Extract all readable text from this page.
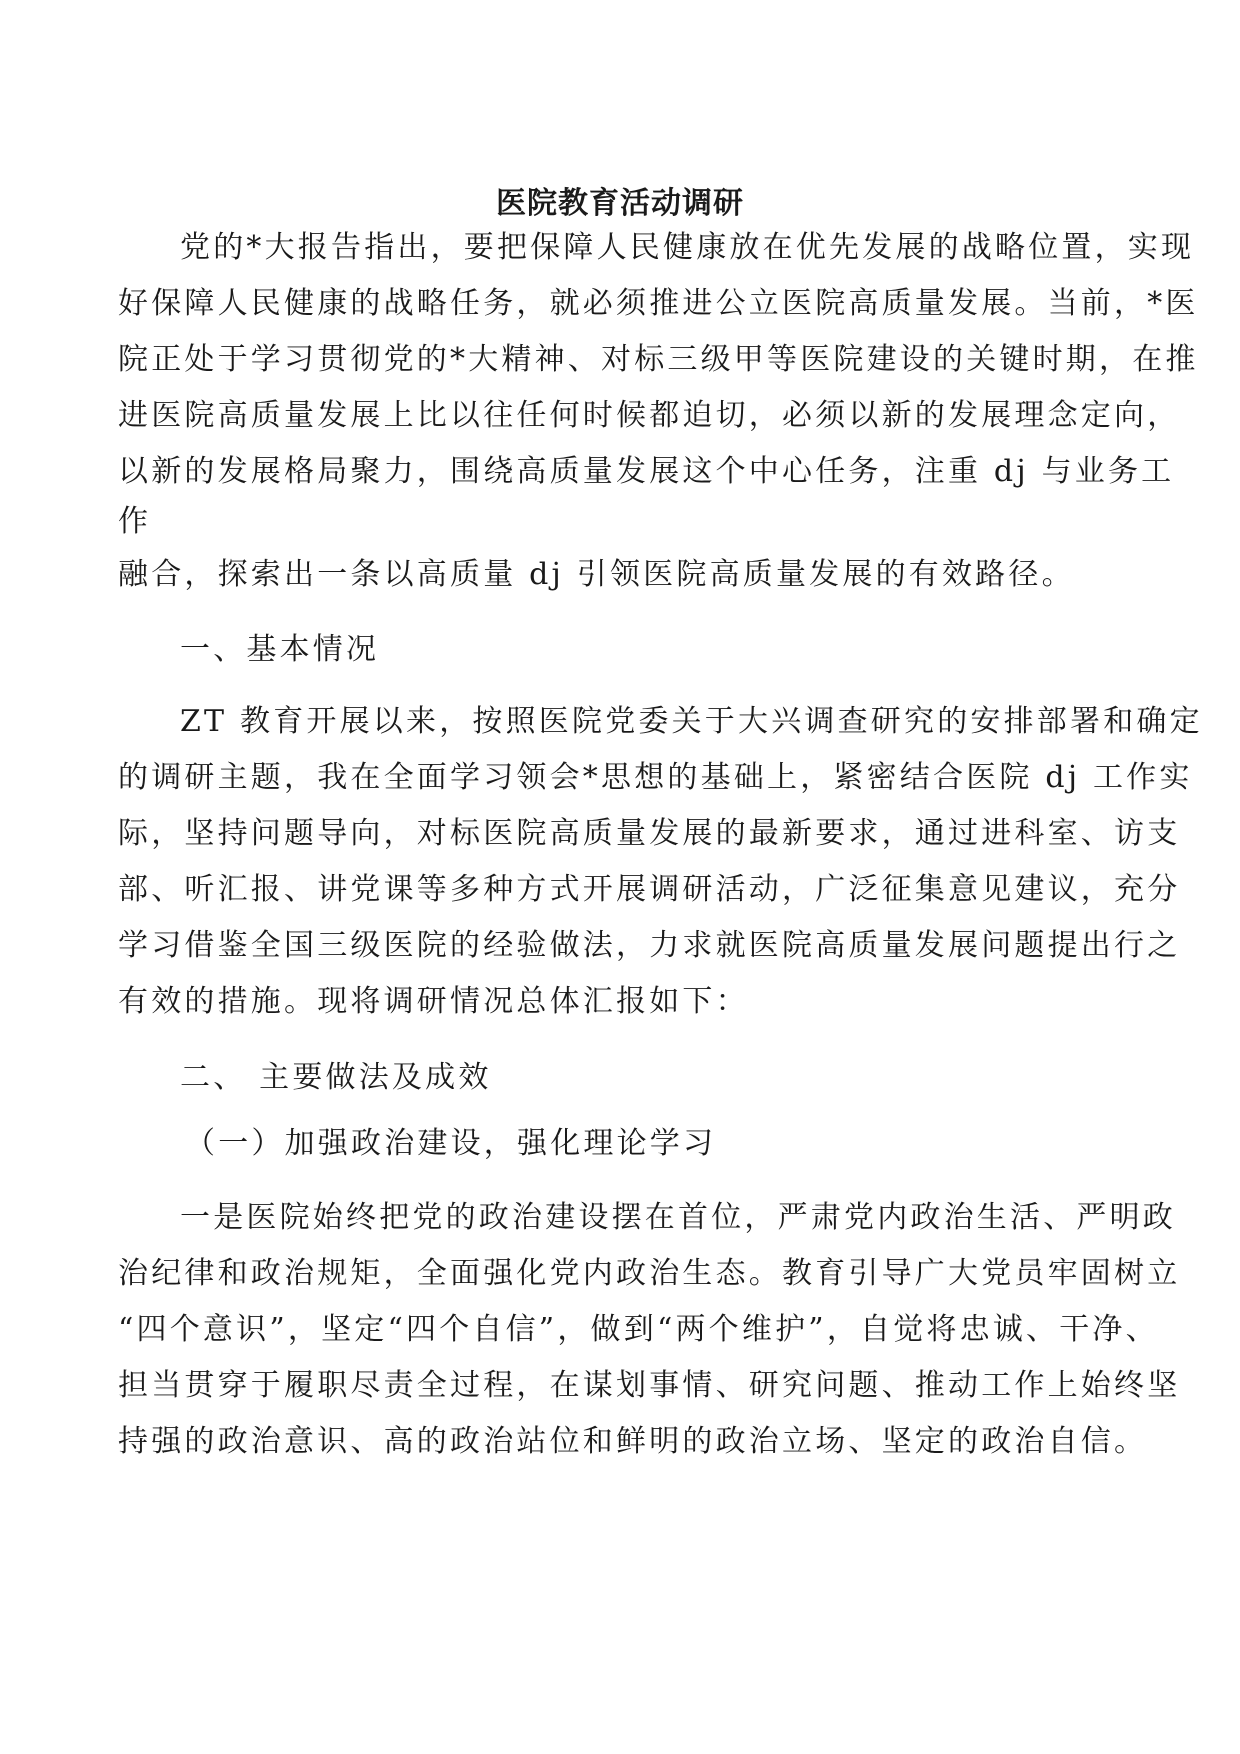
医院教育活动调研
党的*大报告指出，要把保障人民健康放在优先发展的战略位置，实现
好保障人民健康的战略任务，就必须推进公立医院高质量发展。当前，*医
院正处于学习贯彻党的*大精神、对标三级甲等医院建设的关键时期，在推
进医院高质量发展上比以往任何时候都迫切，必须以新的发展理念定向，
以新的发展格局聚力，围绕高质量发展这个中心任务，注重 dj 与业务工
作
融合，探索出一条以高质量 dj 引领医院高质量发展的有效路径。
一、基本情况
ZT 教育开展以来，按照医院党委关于大兴调查研究的安排部署和确定
的调研主题，我在全面学习领会*思想的基础上，紧密结合医院 dj 工作实
际，坚持问题导向，对标医院高质量发展的最新要求，通过进科室、访支
部、听汇报、讲党课等多种方式开展调研活动，广泛征集意见建议，充分
学习借鉴全国三级医院的经验做法，力求就医院高质量发展问题提出行之
有效的措施。现将调研情况总体汇报如下：
二、 主要做法及成效
（一）加强政治建设，强化理论学习
一是医院始终把党的政治建设摆在首位，严肃党内政治生活、严明政
治纪律和政治规矩，全面强化党内政治生态。教育引导广大党员牢固树立
“四个意识”，坚定“四个自信”，做到“两个维护”，自觉将忠诚、干净、
担当贯穿于履职尽责全过程，在谋划事情、研究问题、推动工作上始终坚
持强的政治意识、高的政治站位和鲜明的政治立场、坚定的政治自信。
